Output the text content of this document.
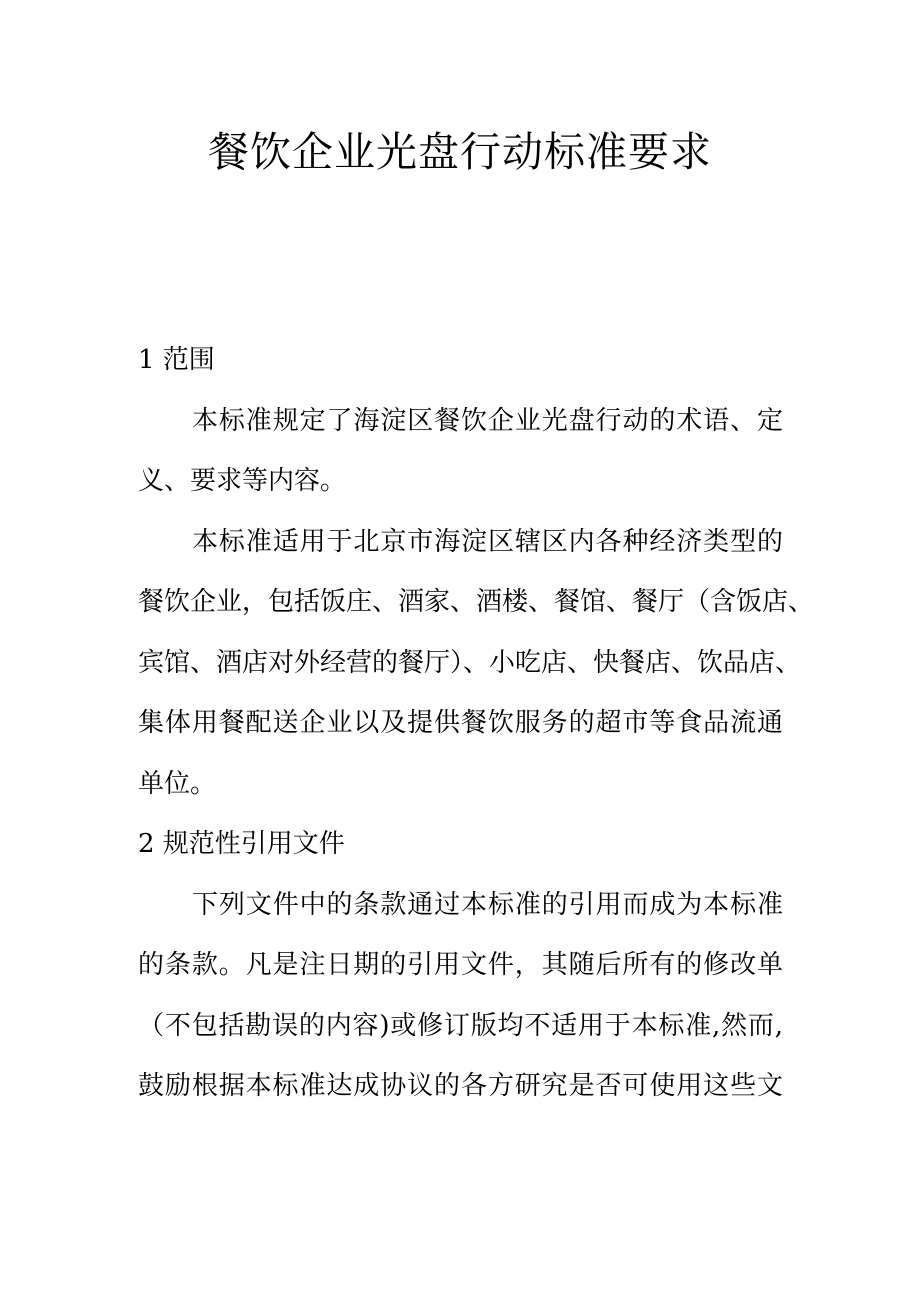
餐饮企业光盘行动标准要求
1 范围
本标准规定了海淀区餐饮企业光盘行动的术语、定
义、要求等内容。
本标准适用于北京市海淀区辖区内各种经济类型的
餐饮企业，包括饭庄、酒家、酒楼、餐馆、餐厅（含饭店、
宾馆、酒店对外经营的餐厅）、小吃店、快餐店、饮品店、
集体用餐配送企业以及提供餐饮服务的超市等食品流通
单位。
2 规范性引用文件
下列文件中的条款通过本标准的引用而成为本标准
的条款。凡是注日期的引用文件，其随后所有的修改单
（不包括勘误的内容)或修订版均不适用于本标准,然而,
鼓励根据本标准达成协议的各方研究是否可使用这些文
